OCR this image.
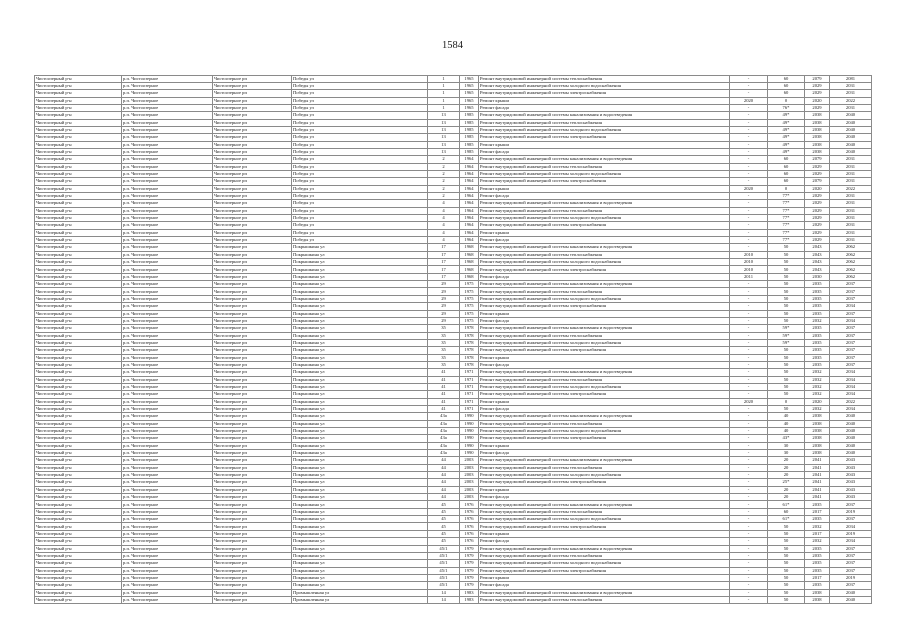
1584
Чистоозерный р-н	р.п. Чистоозерное	Чистоозерное рп	Победы ул	1	1965	Ремонт внутридомовой инженерной системы теплоснабжения	-	60	2079	2081
Чистоозерный р-н	р.п. Чистоозерное	Чистоозерное рп	Победы ул	1	1965	Ремонт внутридомовой инженерной системы холодного водоснабжения	-	60	2029	2031
Чистоозерный р-н	р.п. Чистоозерное	Чистоозерное рп	Победы ул	1	1965	Ремонт внутридомовой инженерной системы электроснабжения	-	60	2029	2031
Чистоозерный р-н	р.п. Чистоозерное	Чистоозерное рп	Победы ул	1	1965	Ремонт крыши	2020	0	2020	2022
Чистоозерный р-н	р.п. Чистоозерное	Чистоозерное рп	Победы ул	1	1965	Ремонт фасада	-	76*	2029	2031
Чистоозерный р-н	р.п. Чистоозерное	Чистоозерное рп	Победы ул	13	1985	Ремонт внутридомовой инженерной системы канализования и водоотведения	-	49*	2038	2040
Чистоозерный р-н	р.п. Чистоозерное	Чистоозерное рп	Победы ул	13	1985	Ремонт внутридомовой инженерной системы теплоснабжения	-	49*	2038	2040
Чистоозерный р-н	р.п. Чистоозерное	Чистоозерное рп	Победы ул	13	1985	Ремонт внутридомовой инженерной системы холодного водоснабжения	-	49*	2038	2040
Чистоозерный р-н	р.п. Чистоозерное	Чистоозерное рп	Победы ул	13	1985	Ремонт внутридомовой инженерной системы электроснабжения	-	49*	2038	2040
Чистоозерный р-н	р.п. Чистоозерное	Чистоозерное рп	Победы ул	13	1985	Ремонт крыши	-	49*	2038	2040
Чистоозерный р-н	р.п. Чистоозерное	Чистоозерное рп	Победы ул	13	1985	Ремонт фасада	-	49*	2038	2040
Чистоозерный р-н	р.п. Чистоозерное	Чистоозерное рп	Победы ул	2	1964	Ремонт внутридомовой инженерной системы канализования и водоотведения	-	60	2079	2031
Чистоозерный р-н	р.п. Чистоозерное	Чистоозерное рп	Победы ул	2	1964	Ремонт внутридомовой инженерной системы теплоснабжения	-	60	2029	2031
Чистоозерный р-н	р.п. Чистоозерное	Чистоозерное рп	Победы ул	2	1964	Ремонт внутридомовой инженерной системы холодного водоснабжения	-	60	2029	2031
Чистоозерный р-н	р.п. Чистоозерное	Чистоозерное рп	Победы ул	2	1964	Ремонт внутридомовой инженерной системы электроснабжения	-	60	2079	2031
Чистоозерный р-н	р.п. Чистоозерное	Чистоозерное рп	Победы ул	2	1964	Ремонт крыши	2020	0	2020	2022
Чистоозерный р-н	р.п. Чистоозерное	Чистоозерное рп	Победы ул	2	1964	Ремонт фасада	-	77*	2029	2031
Чистоозерный р-н	р.п. Чистоозерное	Чистоозерное рп	Победы ул	4	1964	Ремонт внутридомовой инженерной системы канализования и водоотведения	-	77*	2029	2031
Чистоозерный р-н	р.п. Чистоозерное	Чистоозерное рп	Победы ул	4	1964	Ремонт внутридомовой инженерной системы теплоснабжения	-	77*	2029	2031
Чистоозерный р-н	р.п. Чистоозерное	Чистоозерное рп	Победы ул	4	1964	Ремонт внутридомовой инженерной системы холодного водоснабжения	-	77*	2029	2031
Чистоозерный р-н	р.п. Чистоозерное	Чистоозерное рп	Победы ул	4	1964	Ремонт внутридомовой инженерной системы электроснабжения	-	77*	2029	2031
Чистоозерный р-н	р.п. Чистоозерное	Чистоозерное рп	Победы ул	4	1964	Ремонт крыши	-	77*	2029	2031
Чистоозерный р-н	р.п. Чистоозерное	Чистоозерное рп	Победы ул	4	1964	Ремонт фасада	-	77*	2029	2031
Чистоозерный р-н	р.п. Чистоозерное	Чистоозерное рп	Покрышкина ул	17	1968	Ремонт внутридомовой инженерной системы канализования и водоотведения	-	50	2043	2062
Чистоозерный р-н	р.п. Чистоозерное	Чистоозерное рп	Покрышкина ул	17	1968	Ремонт внутридомовой инженерной системы теплоснабжения	2010	50	2043	2062
Чистоозерный р-н	р.п. Чистоозерное	Чистоозерное рп	Покрышкина ул	17	1968	Ремонт внутридомовой инженерной системы холодного водоснабжения	2010	50	2043	2062
Чистоозерный р-н	р.п. Чистоозерное	Чистоозерное рп	Покрышкина ул	17	1968	Ремонт внутридомовой инженерной системы электроснабжения	2010	50	2043	2062
Чистоозерный р-н	р.п. Чистоозерное	Чистоозерное рп	Покрышкина ул	17	1968	Ремонт фасада	2011	50	2030	2062
Чистоозерный р-н	р.п. Чистоозерное	Чистоозерное рп	Покрышкина ул	29	1975	Ремонт внутридомовой инженерной системы канализования и водоотведения	-	50	2035	2037
Чистоозерный р-н	р.п. Чистоозерное	Чистоозерное рп	Покрышкина ул	29	1975	Ремонт внутридомовой инженерной системы теплоснабжения	-	50	2035	2037
Чистоозерный р-н	р.п. Чистоозерное	Чистоозерное рп	Покрышкина ул	29	1975	Ремонт внутридомовой инженерной системы холодного водоснабжения	-	50	2035	2037
Чистоозерный р-н	р.п. Чистоозерное	Чистоозерное рп	Покрышкина ул	29	1975	Ремонт внутридомовой инженерной системы электроснабжения	-	50	2035	2034
Чистоозерный р-н	р.п. Чистоозерное	Чистоозерное рп	Покрышкина ул	29	1975	Ремонт крыши	-	50	2035	2037
Чистоозерный р-н	р.п. Чистоозерное	Чистоозерное рп	Покрышкина ул	29	1975	Ремонт фасада	-	50	2032	2034
Чистоозерный р-н	р.п. Чистоозерное	Чистоозерное рп	Покрышкина ул	35	1978	Ремонт внутридомовой инженерной системы канализования и водоотведения	-	59*	2035	2037
Чистоозерный р-н	р.п. Чистоозерное	Чистоозерное рп	Покрышкина ул	35	1978	Ремонт внутридомовой инженерной системы теплоснабжения	-	59*	2035	2037
Чистоозерный р-н	р.п. Чистоозерное	Чистоозерное рп	Покрышкина ул	35	1978	Ремонт внутридомовой инженерной системы холодного водоснабжения	-	59*	2035	2037
Чистоозерный р-н	р.п. Чистоозерное	Чистоозерное рп	Покрышкина ул	35	1978	Ремонт внутридомовой инженерной системы электроснабжения	-	50	2035	2037
Чистоозерный р-н	р.п. Чистоозерное	Чистоозерное рп	Покрышкина ул	35	1978	Ремонт крыши	-	50	2035	2037
Чистоозерный р-н	р.п. Чистоозерное	Чистоозерное рп	Покрышкина ул	35	1978	Ремонт фасада	-	50	2035	2037
Чистоозерный р-н	р.п. Чистоозерное	Чистоозерное рп	Покрышкина ул	41	1971	Ремонт внутридомовой инженерной системы канализования и водоотведения	-	50	2032	2034
Чистоозерный р-н	р.п. Чистоозерное	Чистоозерное рп	Покрышкина ул	41	1971	Ремонт внутридомовой инженерной системы теплоснабжения	-	50	2032	2034
Чистоозерный р-н	р.п. Чистоозерное	Чистоозерное рп	Покрышкина ул	41	1971	Ремонт внутридомовой инженерной системы холодного водоснабжения	-	50	2032	2034
Чистоозерный р-н	р.п. Чистоозерное	Чистоозерное рп	Покрышкина ул	41	1971	Ремонт внутридомовой инженерной системы электроснабжения	-	50	2032	2034
Чистоозерный р-н	р.п. Чистоозерное	Чистоозерное рп	Покрышкина ул	41	1971	Ремонт крыши	2020	0	2020	2022
Чистоозерный р-н	р.п. Чистоозерное	Чистоозерное рп	Покрышкина ул	41	1971	Ремонт фасада	-	50	2032	2034
Чистоозерный р-н	р.п. Чистоозерное	Чистоозерное рп	Покрышкина ул	43а	1990	Ремонт внутридомовой инженерной системы канализования и водоотведения	-	40	2038	2040
Чистоозерный р-н	р.п. Чистоозерное	Чистоозерное рп	Покрышкина ул	43а	1990	Ремонт внутридомовой инженерной системы теплоснабжения	-	40	2038	2040
Чистоозерный р-н	р.п. Чистоозерное	Чистоозерное рп	Покрышкина ул	43а	1990	Ремонт внутридомовой инженерной системы холодного водоснабжения	-	40	2038	2040
Чистоозерный р-н	р.п. Чистоозерное	Чистоозерное рп	Покрышкина ул	43а	1990	Ремонт внутридомовой инженерной системы электроснабжения	-	43*	2038	2040
Чистоозерный р-н	р.п. Чистоозерное	Чистоозерное рп	Покрышкина ул	43а	1990	Ремонт крыши	-	30	2038	2040
Чистоозерный р-н	р.п. Чистоозерное	Чистоозерное рп	Покрышкина ул	43а	1990	Ремонт фасада	-	30	2038	2040
Чистоозерный р-н	р.п. Чистоозерное	Чистоозерное рп	Покрышкина ул	44	2003	Ремонт внутридомовой инженерной системы канализования и водоотведения	-	20	2041	2043
Чистоозерный р-н	р.п. Чистоозерное	Чистоозерное рп	Покрышкина ул	44	2003	Ремонт внутридомовой инженерной системы теплоснабжения	-	20	2041	2043
Чистоозерный р-н	р.п. Чистоозерное	Чистоозерное рп	Покрышкина ул	44	2003	Ремонт внутридомовой инженерной системы холодного водоснабжения	-	20	2041	2043
Чистоозерный р-н	р.п. Чистоозерное	Чистоозерное рп	Покрышкина ул	44	2003	Ремонт внутридомовой инженерной системы электроснабжения	-	25*	2041	2043
Чистоозерный р-н	р.п. Чистоозерное	Чистоозерное рп	Покрышкина ул	44	2003	Ремонт крыши	-	20	2041	2043
Чистоозерный р-н	р.п. Чистоозерное	Чистоозерное рп	Покрышкина ул	44	2003	Ремонт фасада	-	20	2041	2043
Чистоозерный р-н	р.п. Чистоозерное	Чистоозерное рп	Покрышкина ул	45	1976	Ремонт внутридомовой инженерной системы канализования и водоотведения	-	61*	2035	2037
Чистоозерный р-н	р.п. Чистоозерное	Чистоозерное рп	Покрышкина ул	45	1976	Ремонт внутридомовой инженерной системы теплоснабжения	-	60	2017	2019
Чистоозерный р-н	р.п. Чистоозерное	Чистоозерное рп	Покрышкина ул	45	1976	Ремонт внутридомовой инженерной системы холодного водоснабжения	-	61*	2035	2037
Чистоозерный р-н	р.п. Чистоозерное	Чистоозерное рп	Покрышкина ул	45	1976	Ремонт внутридомовой инженерной системы электроснабжения	-	50	2032	2034
Чистоозерный р-н	р.п. Чистоозерное	Чистоозерное рп	Покрышкина ул	45	1976	Ремонт крыши	-	50	2017	2019
Чистоозерный р-н	р.п. Чистоозерное	Чистоозерное рп	Покрышкина ул	45	1976	Ремонт фасада	-	50	2032	2034
Чистоозерный р-н	р.п. Чистоозерное	Чистоозерное рп	Покрышкина ул	45/1	1979	Ремонт внутридомовой инженерной системы канализования и водоотведения	-	50	2035	2037
Чистоозерный р-н	р.п. Чистоозерное	Чистоозерное рп	Покрышкина ул	45/1	1979	Ремонт внутридомовой инженерной системы теплоснабжения	-	50	2035	2037
Чистоозерный р-н	р.п. Чистоозерное	Чистоозерное рп	Покрышкина ул	45/1	1979	Ремонт внутридомовой инженерной системы холодного водоснабжения	-	50	2035	2037
Чистоозерный р-н	р.п. Чистоозерное	Чистоозерное рп	Покрышкина ул	45/1	1979	Ремонт внутридомовой инженерной системы электроснабжения	-	50	2035	2037
Чистоозерный р-н	р.п. Чистоозерное	Чистоозерное рп	Покрышкина ул	45/1	1979	Ремонт крыши	-	50	2017	2019
Чистоозерный р-н	р.п. Чистоозерное	Чистоозерное рп	Покрышкина ул	45/1	1979	Ремонт фасада	-	50	2035	2037
Чистоозерный р-н	р.п. Чистоозерное	Чистоозерное рп	Промышленная ул	14	1983	Ремонт внутридомовой инженерной системы канализования и водоотведения	-	50	2038	2040
Чистоозерный р-н	р.п. Чистоозерное	Чистоозерное рп	Промышленная ул	14	1983	Ремонт внутридомовой инженерной системы теплоснабжения	-	50	2038	2040
